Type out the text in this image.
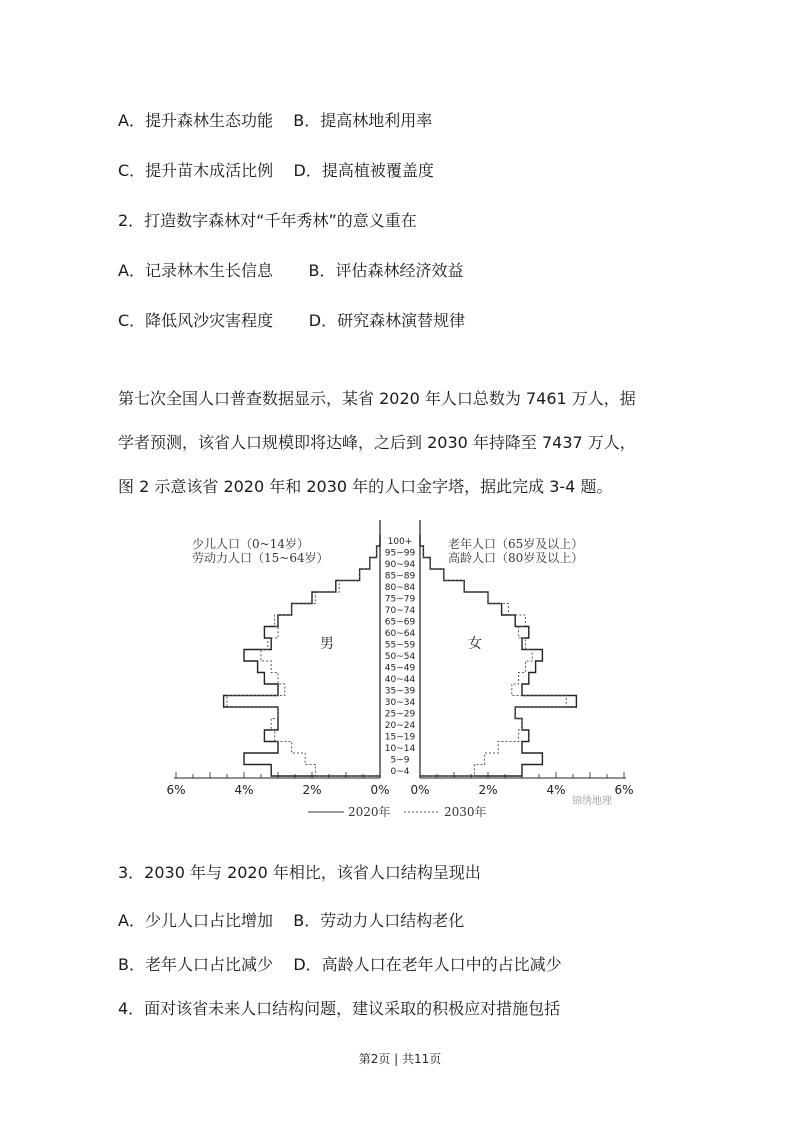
A．提升森林生态功能    B．提高林地利用率
C．提升苗木成活比例    D．提高植被覆盖度
2．打造数字森林对“千年秀林”的意义重在
A．记录林木生长信息       B．评估森林经济效益
C．降低风沙灾害程度       D．研究森林演替规律
第七次全国人口普查数据显示，某省 2020 年人口总数为 7461 万人，据
学者预测，该省人口规模即将达峰，之后到 2030 年持降至 7437 万人，
图 2 示意该省 2020 年和 2030 年的人口金字塔，据此完成 3-4 题。
0~4
5~9
10~14
15~19
20~24
25~29
30~34
35~39
40~44
45~49
50~54
55~59
60~64
65~69
70~74
75~79
80~84
85~89
90~94
95~99
100+
6%	4%	2%	0% 0%	2%	4%	6%
少儿人口（0~14岁）
劳动力人口（15~64岁）
老年人口（65岁及以上）
高龄人口（80岁及以上）
男	女
2020年	2030年
锦绣地理
3．2030 年与 2020 年相比，该省人口结构呈现出
A．少儿人口占比增加    B．劳动力人口结构老化
B．老年人口占比减少    D．高龄人口在老年人口中的占比减少
4．面对该省未来人口结构问题，建议采取的积极应对措施包括
第2页 | 共11页
